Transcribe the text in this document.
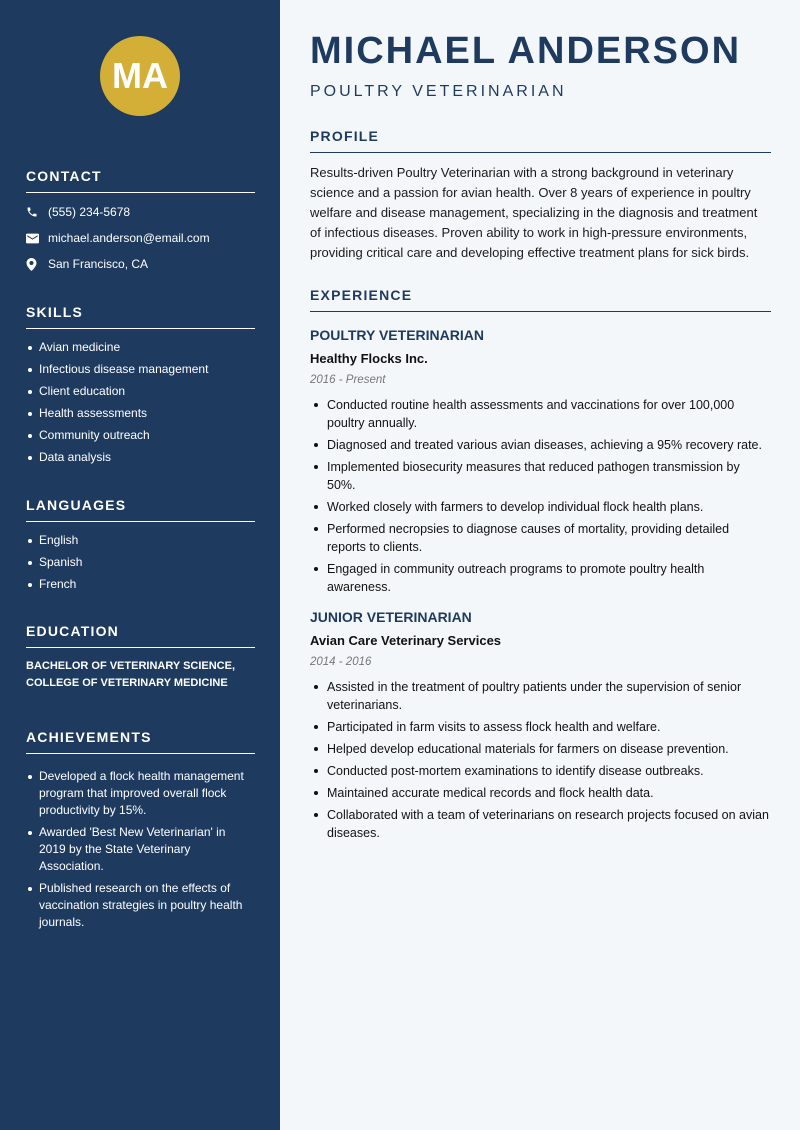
MA
CONTACT
(555) 234-5678
michael.anderson@email.com
San Francisco, CA
SKILLS
Avian medicine
Infectious disease management
Client education
Health assessments
Community outreach
Data analysis
LANGUAGES
English
Spanish
French
EDUCATION
BACHELOR OF VETERINARY SCIENCE,
COLLEGE OF VETERINARY MEDICINE
ACHIEVEMENTS
Developed a flock health management program that improved overall flock productivity by 15%.
Awarded 'Best New Veterinarian' in 2019 by the State Veterinary Association.
Published research on the effects of vaccination strategies in poultry health journals.
MICHAEL ANDERSON
POULTRY VETERINARIAN
PROFILE
Results-driven Poultry Veterinarian with a strong background in veterinary science and a passion for avian health. Over 8 years of experience in poultry welfare and disease management, specializing in the diagnosis and treatment of infectious diseases. Proven ability to work in high-pressure environments, providing critical care and developing effective treatment plans for sick birds.
EXPERIENCE
POULTRY VETERINARIAN
Healthy Flocks Inc.
2016 - Present
Conducted routine health assessments and vaccinations for over 100,000 poultry annually.
Diagnosed and treated various avian diseases, achieving a 95% recovery rate.
Implemented biosecurity measures that reduced pathogen transmission by 50%.
Worked closely with farmers to develop individual flock health plans.
Performed necropsies to diagnose causes of mortality, providing detailed reports to clients.
Engaged in community outreach programs to promote poultry health awareness.
JUNIOR VETERINARIAN
Avian Care Veterinary Services
2014 - 2016
Assisted in the treatment of poultry patients under the supervision of senior veterinarians.
Participated in farm visits to assess flock health and welfare.
Helped develop educational materials for farmers on disease prevention.
Conducted post-mortem examinations to identify disease outbreaks.
Maintained accurate medical records and flock health data.
Collaborated with a team of veterinarians on research projects focused on avian diseases.
